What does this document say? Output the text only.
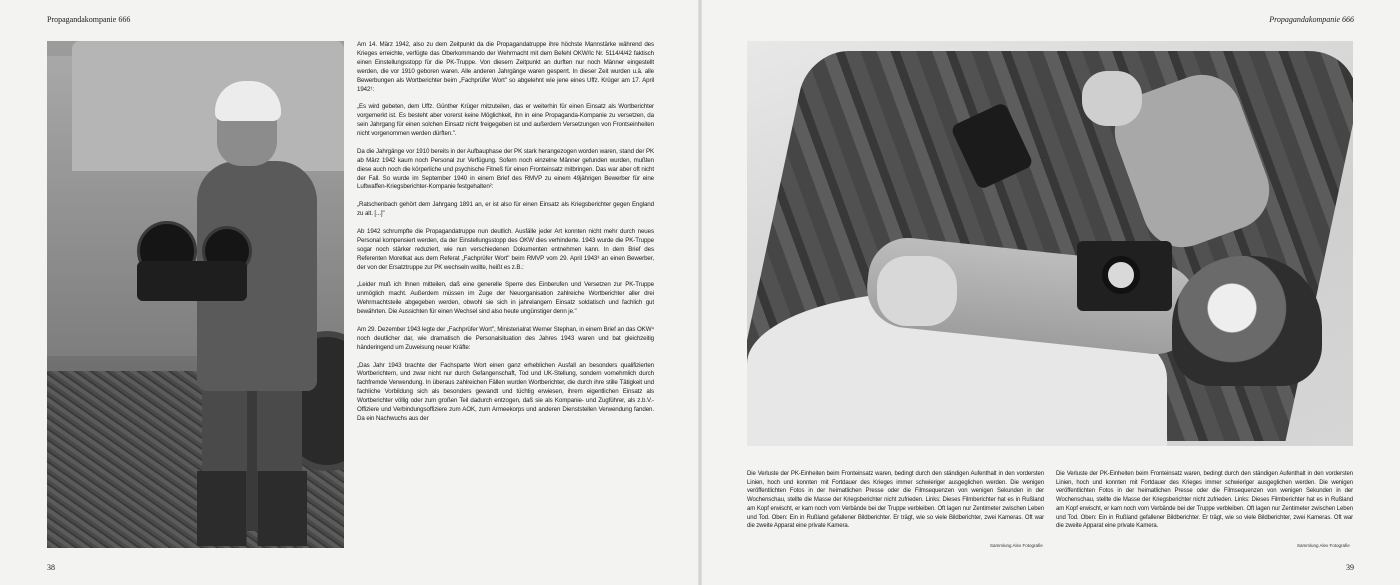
Propagandakompanie 666	Propagandakompanie 666

Am 14. März 1942, also zu dem Zeitpunkt da die Propagandatruppe ihre höchste Mannstärke während des Krieges erreichte, verfügte das Oberkommando der Wehrmacht mit dem Befehl OKW/Ic Nr. 5114/4/42 faktisch einen Einstellungsstopp für die PK-Truppe. Von diesem Zeitpunkt an durften nur noch Männer eingestellt werden, die vor 1910 geboren waren. Alle anderen Jahrgänge waren gesperrt. In dieser Zeit wurden u.ä. alle Bewerbungen als Wortberichter beim „Fachprüfer Wort" so abgelehnt wie jene eines Uffz. Krüger am 17. April 1942¹:

„Es wird gebeten, dem Uffz. Günther Krüger mitzuteilen, das er weiterhin für einen Einsatz als Wortberichter vorgemerkt ist. Es besteht aber vorerst keine Möglichkeit, ihn in eine Propaganda-Kompanie zu versetzen, da sein Jahrgang für einen solchen Einsatz nicht freigegeben ist und außerdem Versetzungen von Frontseinheiten nicht vorgenommen werden dürften.".

Da die Jahrgänge vor 1910 bereits in der Aufbauphase der PK stark herangezogen worden waren, stand der PK ab März 1942 kaum noch Personal zur Verfügung. Sofern noch einzelne Männer gefunden wurden, mußten diese auch noch die körperliche und psychische Fitneß für einen Fronteinsatz mitbringen. Das war aber oft nicht der Fall. So wurde im September 1940 in einem Brief des RMVP zu einem 49jährigen Bewerber für eine Luftwaffen-Kriegsberichter-Kompanie festgehalten²:

„Ratschenbach gehört dem Jahrgang 1891 an, er ist also für einen Einsatz als Kriegsberichter gegen England zu alt. [...]"

Ab 1942 schrumpfte die Propagandatruppe nun deutlich. Ausfälle jeder Art konnten nicht mehr durch neues Personal kompensiert werden, da der Einstellungsstopp des OKW dies verhinderte. 1943 wurde die PK-Truppe sogar noch stärker reduziert, wie nun verschiedenen Dokumenten entnehmen kann. In dem Brief des Referenten Moretkat aus dem Referat „Fachprüfer Wort" beim RMVP vom 29. April 1943³ an einen Bewerber, der von der Ersatztruppe zur PK wechseln wollte, heißt es z.B.:

„Leider muß ich Ihnen mitteilen, daß eine generelle Sperre des Einberufen und Versetzen zur PK-Truppe unmöglich macht. Außerdem müssen im Zuge der Neuorganisation zahlreiche Wortberichter aller drei Wehrmachtsteile abgegeben werden, obwohl sie sich in jahrelangem Einsatz soldatisch und fachlich gut bewährten. Die Aussichten für einen Wechsel sind also heute ungünstiger denn je."

Am 29. Dezember 1943 legte der „Fachprüfer Wort", Ministerialrat Werner Stephan, in einem Brief an das OKW⁴ noch deutlicher dar, wie dramatisch die Personalsituation des Jahres 1943 waren und bat gleichzeitig händeringend um Zuweisung neuer Kräfte:

„Das Jahr 1943 brachte der Fachsparte Wort einen ganz erheblichen Ausfall an besonders qualifizierten Wortberichtern, und zwar nicht nur durch Gefangenschaft, Tod und UK-Stellung, sondern vornehmlich durch fachfremde Verwendung. In überaus zahlreichen Fällen wurden Wortberichter, die durch ihre stille Tätigkeit und fachliche Vorbildung sich als besonders gewandt und tüchtig erwiesen, ihrem eigentlichen Einsatz als Wortberichter völlig oder zum großen Teil dadurch entzogen, daß sie als Kompanie- und Zugführer, als z.b.V.-Offiziere und Verbindungsoffiziere zum AOK, zum Armeekorps und anderen Dienststellen Verwendung fanden. Da ein Nachwuchs aus der

Die Verluste der PK-Einheiten beim Fronteinsatz waren, bedingt durch den ständigen Aufenthalt in den vordersten Linien, hoch und konnten mit Fortdauer des Krieges immer schwieriger ausgeglichen werden. Die wenigen veröffentlichten Fotos in der heimatlichen Presse oder die Filmsequenzen von wenigen Sekunden in der Wochenschau, stellte die Masse der Kriegsberichter nicht zufrieden. Links: Dieses Filmberichter hat es in Rußland am Kopf erwischt, er kam noch vom Verbände bei der Truppe verbleiben. Oft lagen nur Zentimeter zwischen Leben und Tod. Oben: Ein in Rußland gefallener Bildberichter. Er trägt, wie so viele Bildberichter, zwei Kameras. Oft war die zweite Apparat eine private Kamera.
Die Verluste der PK-Einheiten beim Fronteinsatz waren, bedingt durch den ständigen Aufenthalt in den vordersten Linien, hoch und konnten mit Fortdauer des Krieges immer schwieriger ausgeglichen werden. Die wenigen veröffentlichten Fotos in der heimatlichen Presse oder die Filmsequenzen von wenigen Sekunden in der Wochenschau, stellte die Masse der Kriegsberichter nicht zufrieden. Links: Dieses Filmberichter hat es in Rußland am Kopf erwischt, er kam noch vom Verbände bei der Truppe verbleiben. Oft lagen nur Zentimeter zwischen Leben und Tod. Oben: Ein in Rußland gefallener Bildberichter. Er trägt, wie so viele Bildberichter, zwei Kameras. Oft war die zweite Apparat eine private Kamera.
Sammlung Alex Fotografie	Sammlung Alex Fotografie
38	39
